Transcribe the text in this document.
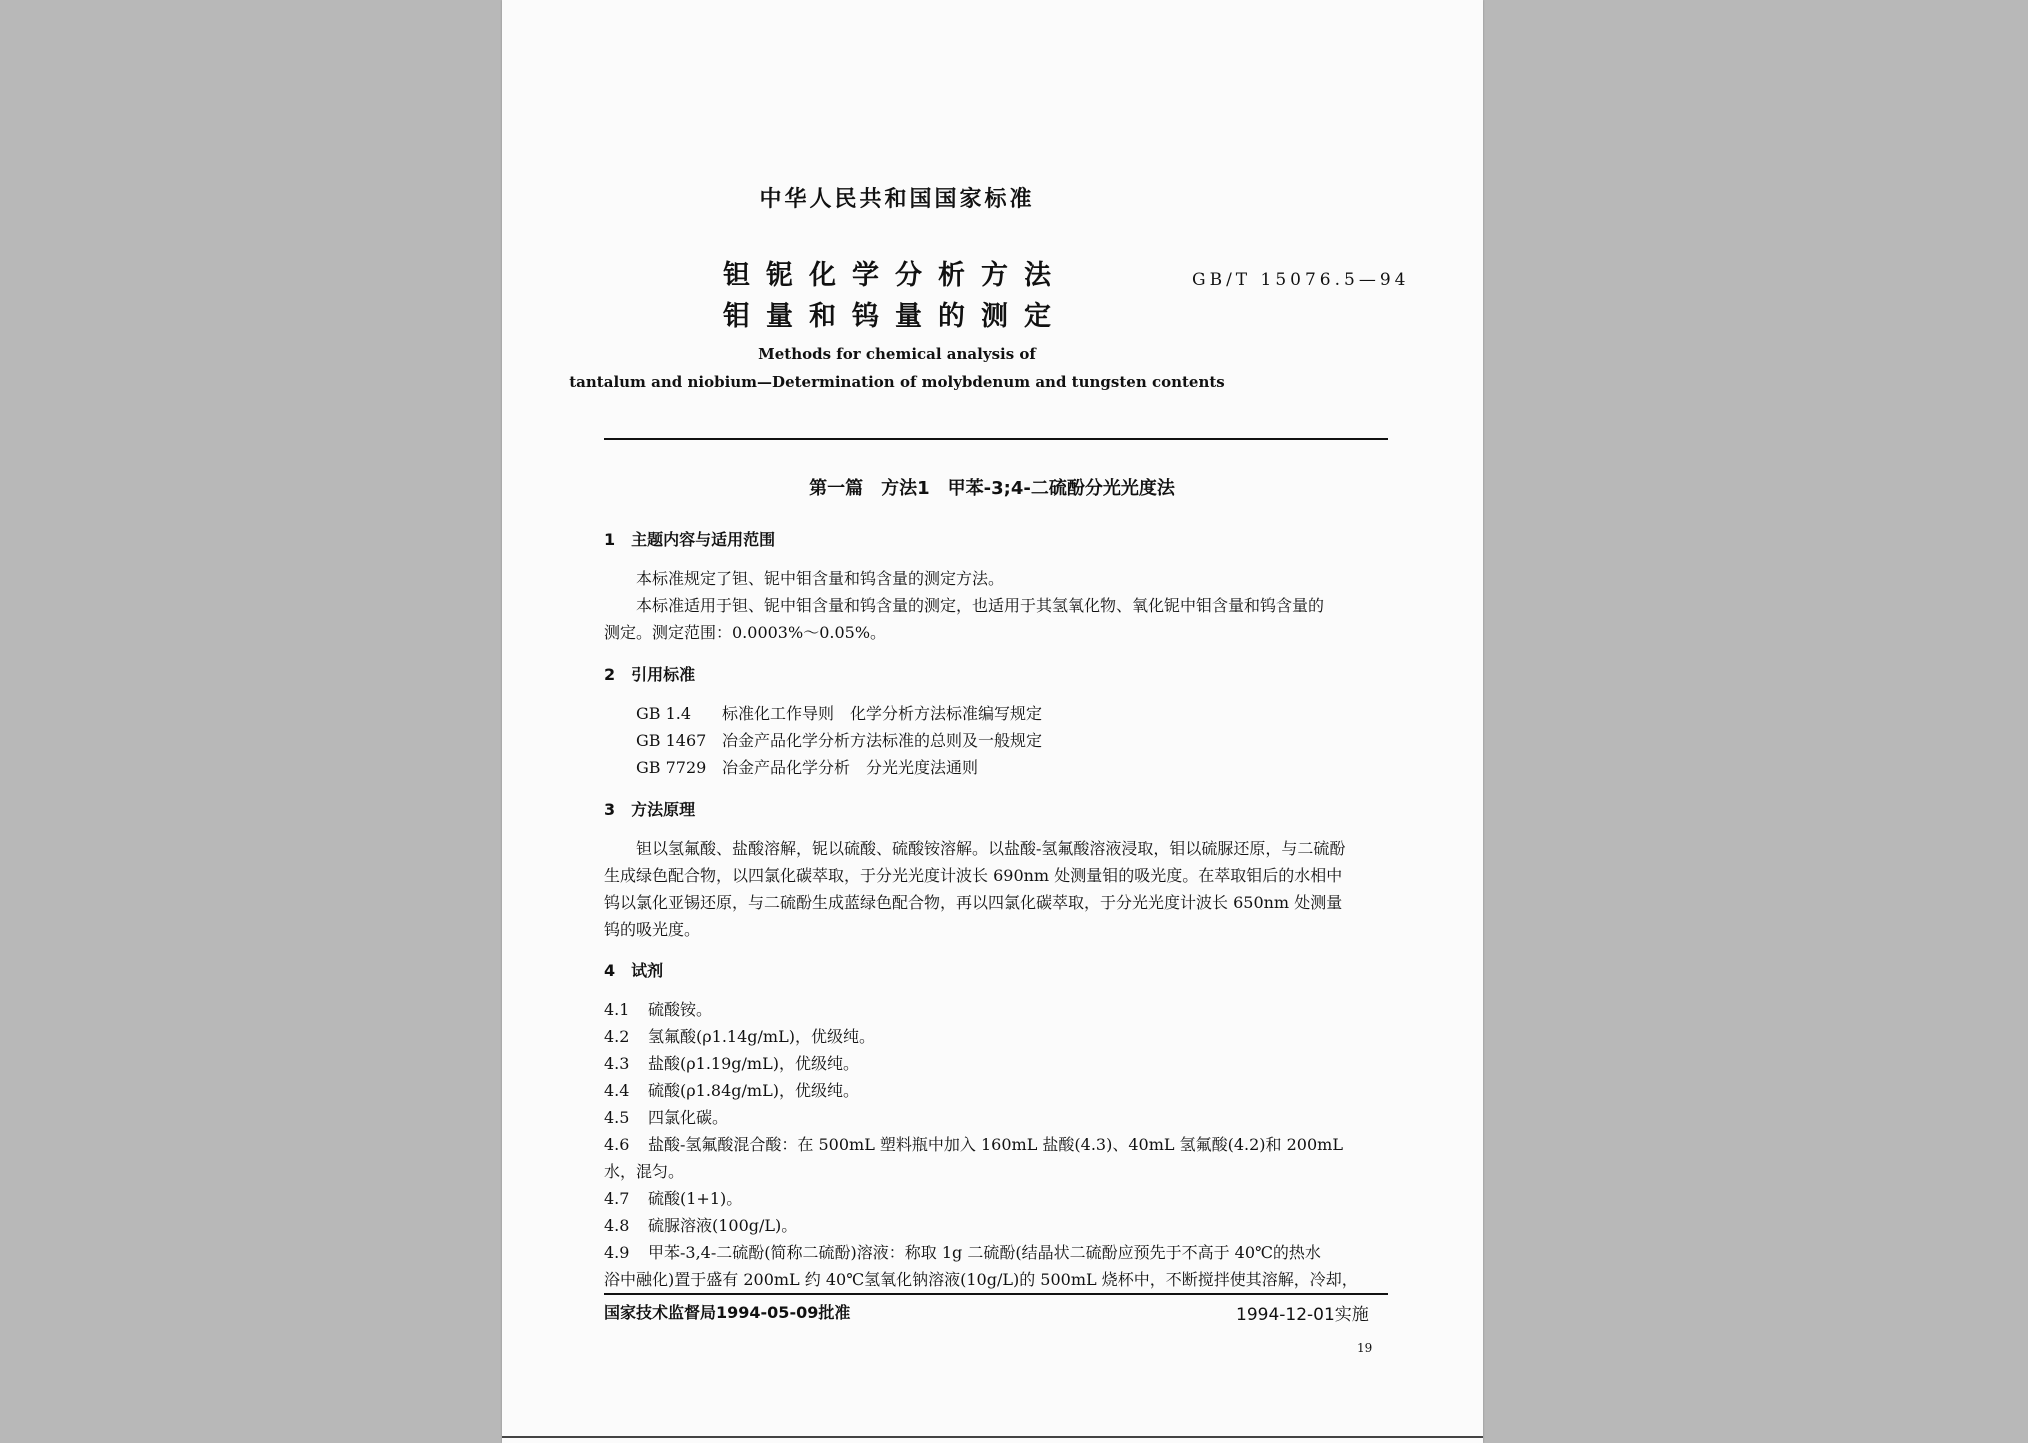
中华人民共和国国家标准
钽铌化学分析方法
钼量和钨量的测定
GB/T 15076.5—94
Methods for chemical analysis of
tantalum and niobium—Determination of molybdenum and tungsten contents
第一篇　方法1　甲苯-3;4-二硫酚分光光度法
1　主题内容与适用范围
本标准规定了钽、铌中钼含量和钨含量的测定方法。
本标准适用于钽、铌中钼含量和钨含量的测定，也适用于其氢氧化物、氧化铌中钼含量和钨含量的
测定。测定范围：0.0003%～0.05%。
2　引用标准
GB 1.4 标准化工作导则　化学分析方法标准编写规定
GB 1467 冶金产品化学分析方法标准的总则及一般规定
GB 7729 冶金产品化学分析　分光光度法通则
3　方法原理
钽以氢氟酸、盐酸溶解，铌以硫酸、硫酸铵溶解。以盐酸-氢氟酸溶液浸取，钼以硫脲还原，与二硫酚
生成绿色配合物，以四氯化碳萃取，于分光光度计波长 690nm 处测量钼的吸光度。在萃取钼后的水相中
钨以氯化亚锡还原，与二硫酚生成蓝绿色配合物，再以四氯化碳萃取，于分光光度计波长 650nm 处测量
钨的吸光度。
4　试剂
4.1 硫酸铵。
4.2 氢氟酸(ρ1.14g/mL)，优级纯。
4.3 盐酸(ρ1.19g/mL)，优级纯。
4.4 硫酸(ρ1.84g/mL)，优级纯。
4.5 四氯化碳。
4.6 盐酸-氢氟酸混合酸：在 500mL 塑料瓶中加入 160mL 盐酸(4.3)、40mL 氢氟酸(4.2)和 200mL
水，混匀。
4.7 硫酸(1+1)。
4.8 硫脲溶液(100g/L)。
4.9 甲苯-3,4-二硫酚(简称二硫酚)溶液：称取 1g 二硫酚(结晶状二硫酚应预先于不高于 40℃的热水
浴中融化)置于盛有 200mL 约 40℃氢氧化钠溶液(10g/L)的 500mL 烧杯中，不断搅拌使其溶解，冷却，
国家技术监督局1994-05-09批准	1994-12-01实施
19
